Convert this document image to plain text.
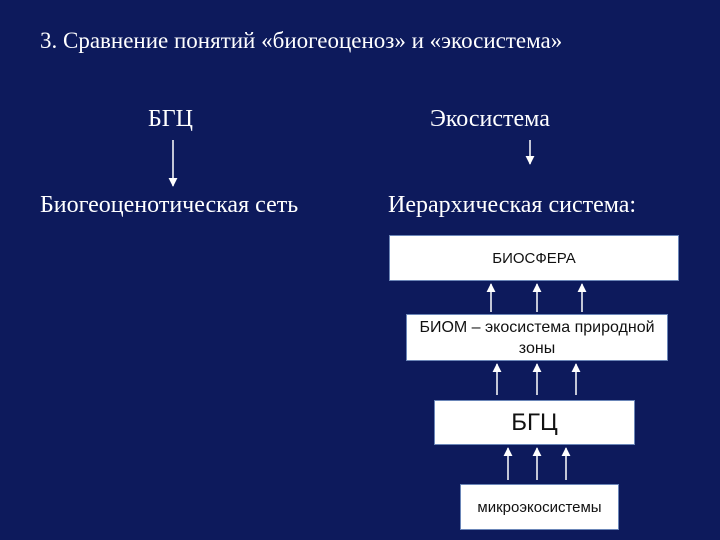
3. Сравнение понятий «биогеоценоз» и «экосистема»
БГЦ	Экосистема
Биогеоценотическая сеть	Иерархическая система:
БИОСФЕРА
БИОМ – экосистема природной зоны
БГЦ
микроэкосистемы
